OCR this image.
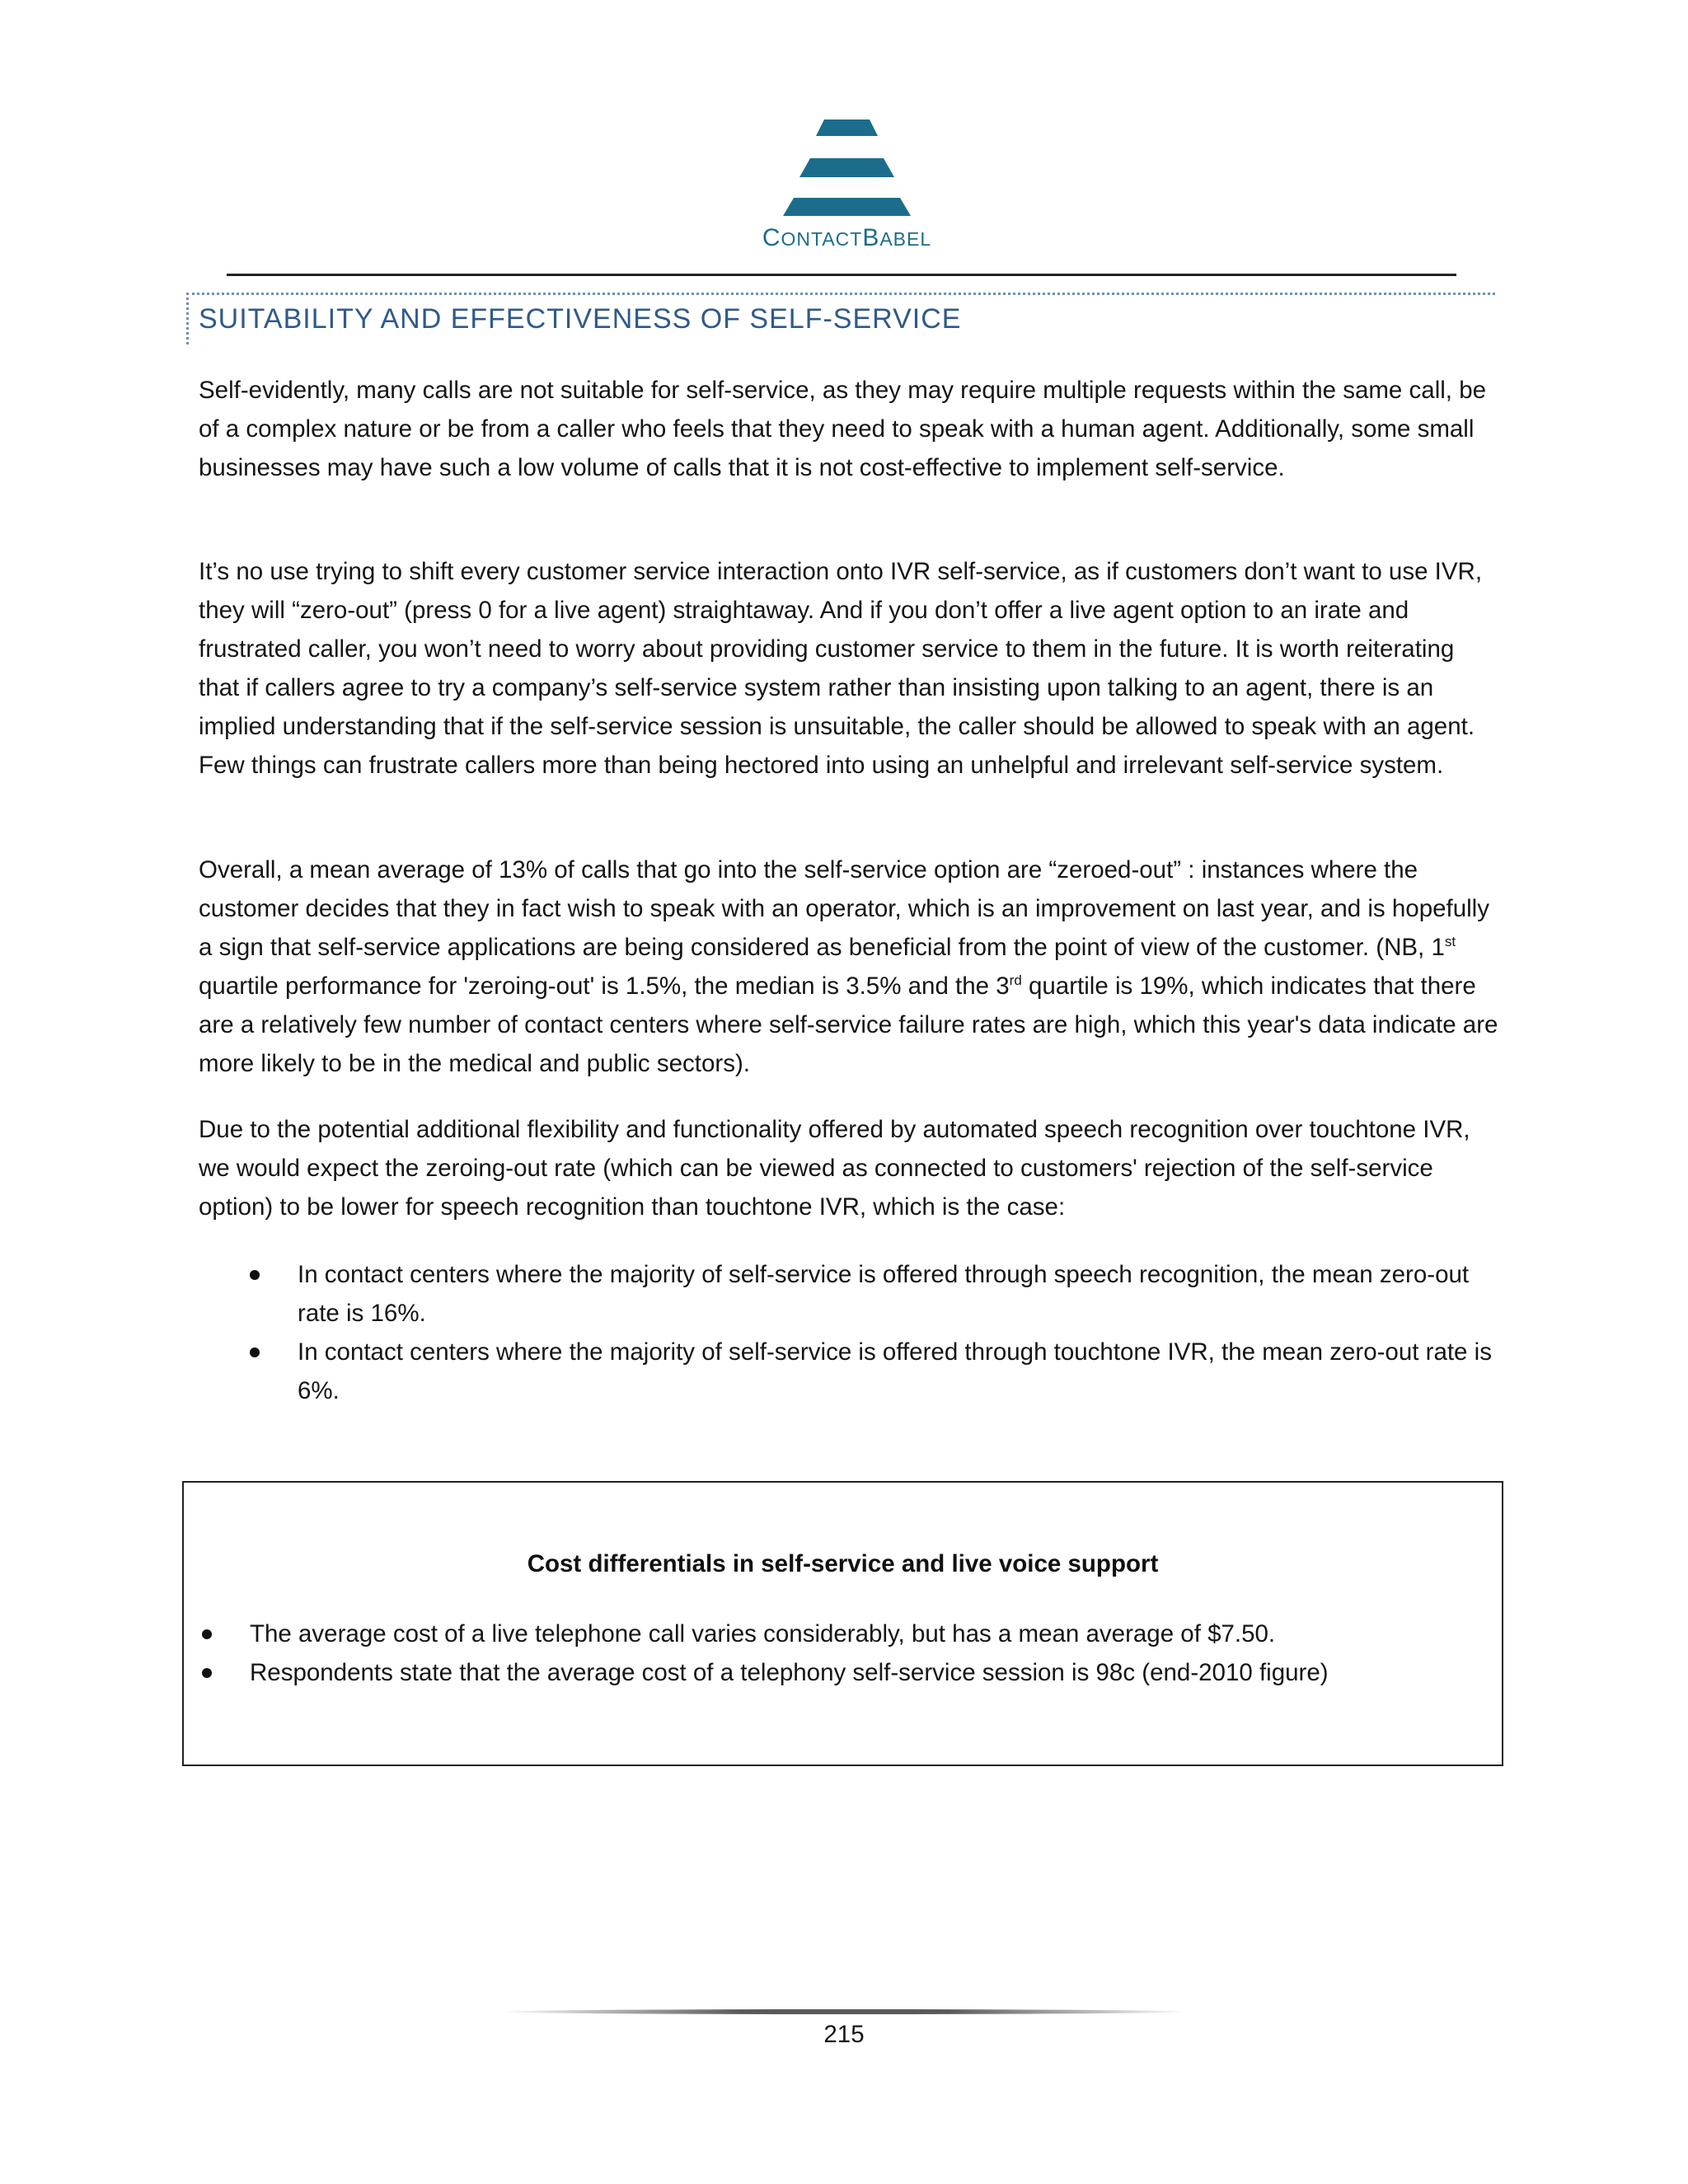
CONTACTBABEL
SUITABILITY AND EFFECTIVENESS OF SELF-SERVICE

Self-evidently, many calls are not suitable for self-service, as they may require multiple requests within the same call, be of a complex nature or be from a caller who feels that they need to speak with a human agent. Additionally, some small businesses may have such a low volume of calls that it is not cost-effective to implement self-service.

It’s no use trying to shift every customer service interaction onto IVR self-service, as if customers don’t want to use IVR, they will “zero-out” (press 0 for a live agent) straightaway. And if you don’t offer a live agent option to an irate and frustrated caller, you won’t need to worry about providing customer service to them in the future. It is worth reiterating that if callers agree to try a company’s self-service system rather than insisting upon talking to an agent, there is an implied understanding that if the self-service session is unsuitable, the caller should be allowed to speak with an agent. Few things can frustrate callers more than being hectored into using an unhelpful and irrelevant self-service system.

Overall, a mean average of 13% of calls that go into the self-service option are “zeroed-out” : instances where the customer decides that they in fact wish to speak with an operator, which is an improvement on last year, and is hopefully a sign that self-service applications are being considered as beneficial from the point of view of the customer. (NB, 1st quartile performance for 'zeroing-out' is 1.5%, the median is 3.5% and the 3rd quartile is 19%, which indicates that there are a relatively few number of contact centers where self-service failure rates are high, which this year's data indicate are more likely to be in the medical and public sectors).

Due to the potential additional flexibility and functionality offered by automated speech recognition over touchtone IVR, we would expect the zeroing-out rate (which can be viewed as connected to customers' rejection of the self-service option) to be lower for speech recognition than touchtone IVR, which is the case:

In contact centers where the majority of self-service is offered through speech recognition, the mean zero-out rate is 16%.
In contact centers where the majority of self-service is offered through touchtone IVR, the mean zero-out rate is 6%.
Cost differentials in self-service and live voice support
The average cost of a live telephone call varies considerably, but has a mean average of $7.50.
Respondents state that the average cost of a telephony self-service session is 98c (end-2010 figure)
215
